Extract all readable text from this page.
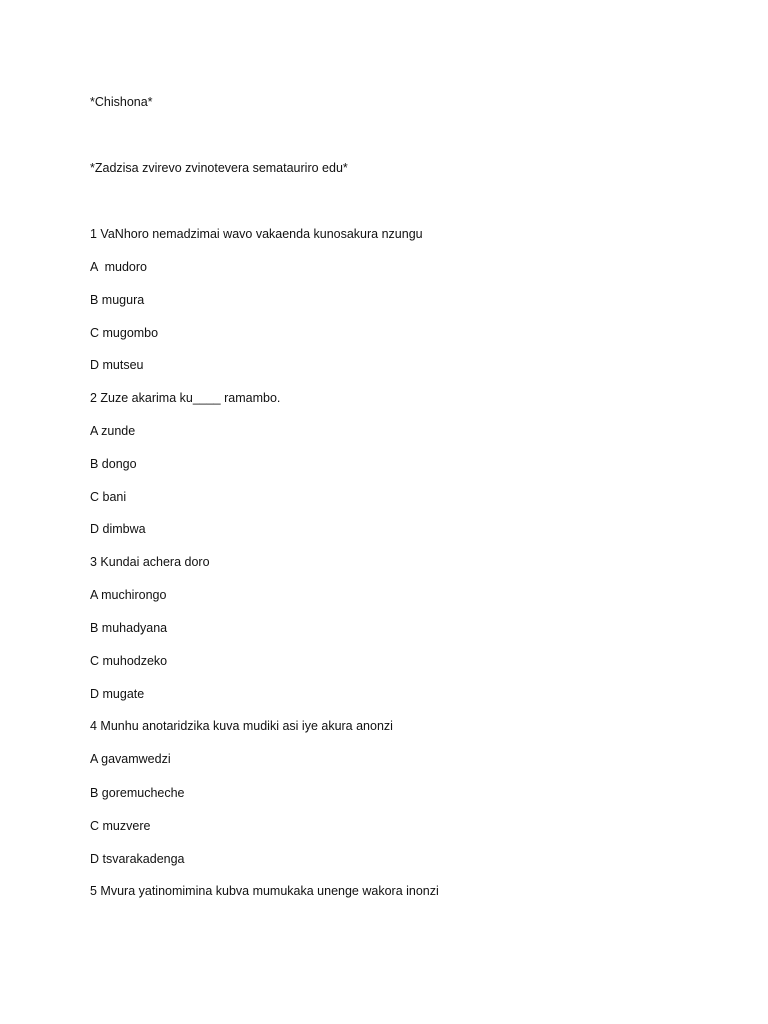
*Chishona*
*Zadzisa zvirevo zvinotevera sematauriro edu*
1 VaNhoro nemadzimai wavo vakaenda kunosakura nzungu
A  mudoro
B mugura
C mugombo
D mutseu
2 Zuze akarima ku____ ramambo.
A zunde
B dongo
C bani
D dimbwa
3 Kundai achera doro
A muchirongo
B muhadyana
C muhodzeko
D mugate
4 Munhu anotaridzika kuva mudiki asi iye akura anonzi
A gavamwedzi
B goremucheche
C muzvere
D tsvarakadenga
5 Mvura yatinomimina kubva mumukaka unenge wakora inonzi
